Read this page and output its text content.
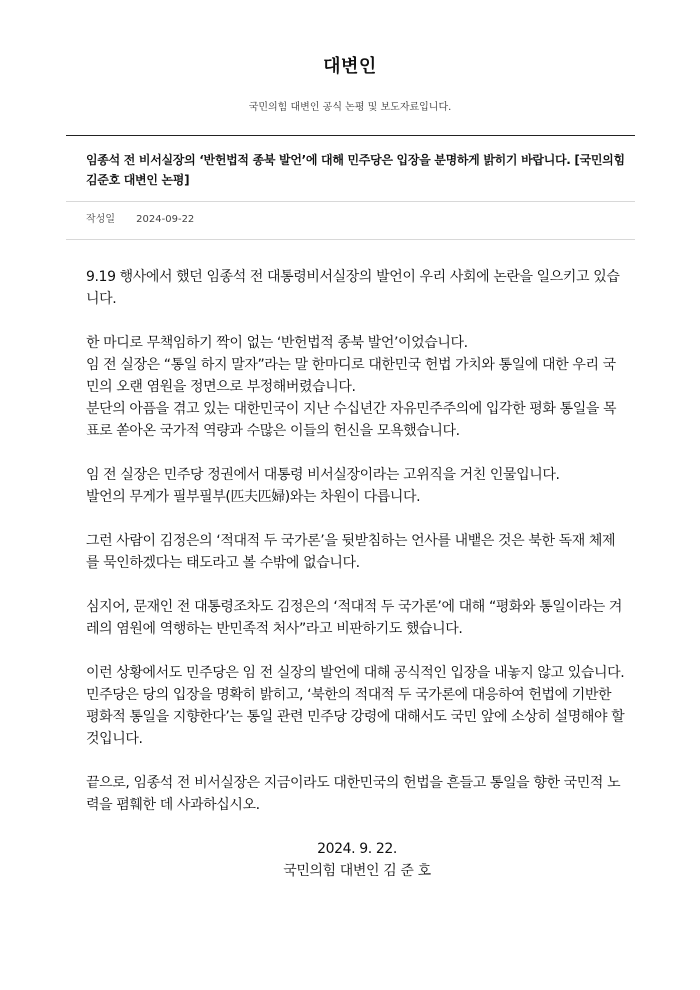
대변인
국민의힘 대변인 공식 논평 및 보도자료입니다.
임종석 전 비서실장의 ‘반헌법적 종북 발언’에 대해 민주당은 입장을 분명하게 밝히기 바랍니다. [국민의힘 김준호 대변인 논평]
작성일 2024-09-22

9.19 행사에서 했던 임종석 전 대통령비서실장의 발언이 우리 사회에 논란을 일으키고 있습니다.

한 마디로 무책임하기 짝이 없는 ‘반헌법적 종북 발언’이었습니다.
임 전 실장은 “통일 하지 말자”라는 말 한마디로 대한민국 헌법 가치와 통일에 대한 우리 국민의 오랜 염원을 정면으로 부정해버렸습니다.
분단의 아픔을 겪고 있는 대한민국이 지난 수십년간 자유민주주의에 입각한 평화 통일을 목표로 쏟아온 국가적 역량과 수많은 이들의 헌신을 모욕했습니다.

임 전 실장은 민주당 정권에서 대통령 비서실장이라는 고위직을 거친 인물입니다.
발언의 무게가 필부필부(匹夫匹婦)와는 차원이 다릅니다.

그런 사람이 김정은의 ‘적대적 두 국가론’을 뒷받침하는 언사를 내뱉은 것은 북한 독재 체제를 묵인하겠다는 태도라고 볼 수밖에 없습니다.

심지어, 문재인 전 대통령조차도 김정은의 ‘적대적 두 국가론’에 대해 “평화와 통일이라는 겨레의 염원에 역행하는 반민족적 처사”라고 비판하기도 했습니다.

이런 상황에서도 민주당은 임 전 실장의 발언에 대해 공식적인 입장을 내놓지 않고 있습니다.
민주당은 당의 입장을 명확히 밝히고, ‘북한의 적대적 두 국가론에 대응하여 헌법에 기반한 평화적 통일을 지향한다’는 통일 관련 민주당 강령에 대해서도 국민 앞에 소상히 설명해야 할 것입니다.

끝으로, 임종석 전 비서실장은 지금이라도 대한민국의 헌법을 흔들고 통일을 향한 국민적 노력을 폄훼한 데 사과하십시오.

2024. 9. 22.
국민의힘 대변인 김 준 호
